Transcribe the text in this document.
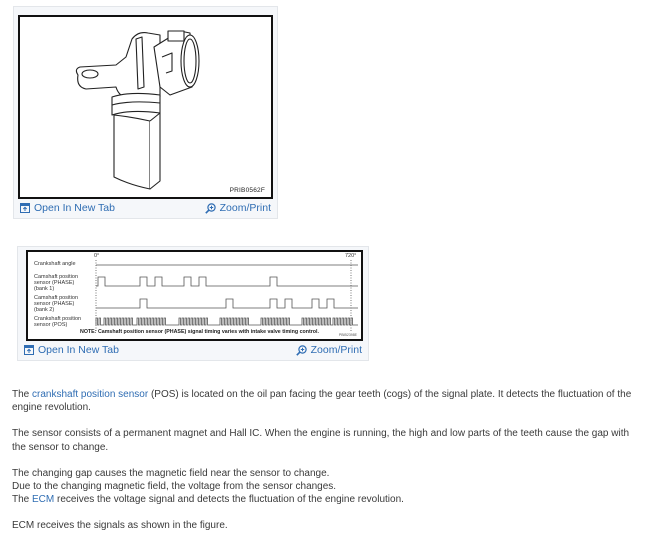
PRIB0562F
Open In New Tab	Zoom/Print
Crankshaft angle
Camshaft position sensor (PHASE) (bank 1)
Camshaft position sensor (PHASE) (bank 2)
Crankshaft position sensor (POS)
0°	720°
NOTE: Camshaft position sensor (PHASE) signal timing varies with intake valve timing control.	PBIB2398E
Open In New Tab	Zoom/Print

The crankshaft position sensor (POS) is located on the oil pan facing the gear teeth (cogs) of the signal plate. It detects the fluctuation of the engine revolution.

The sensor consists of a permanent magnet and Hall IC. When the engine is running, the high and low parts of the teeth cause the gap with the sensor to change.

The changing gap causes the magnetic field near the sensor to change.
Due to the changing magnetic field, the voltage from the sensor changes.
The ECM receives the voltage signal and detects the fluctuation of the engine revolution.

ECM receives the signals as shown in the figure.
